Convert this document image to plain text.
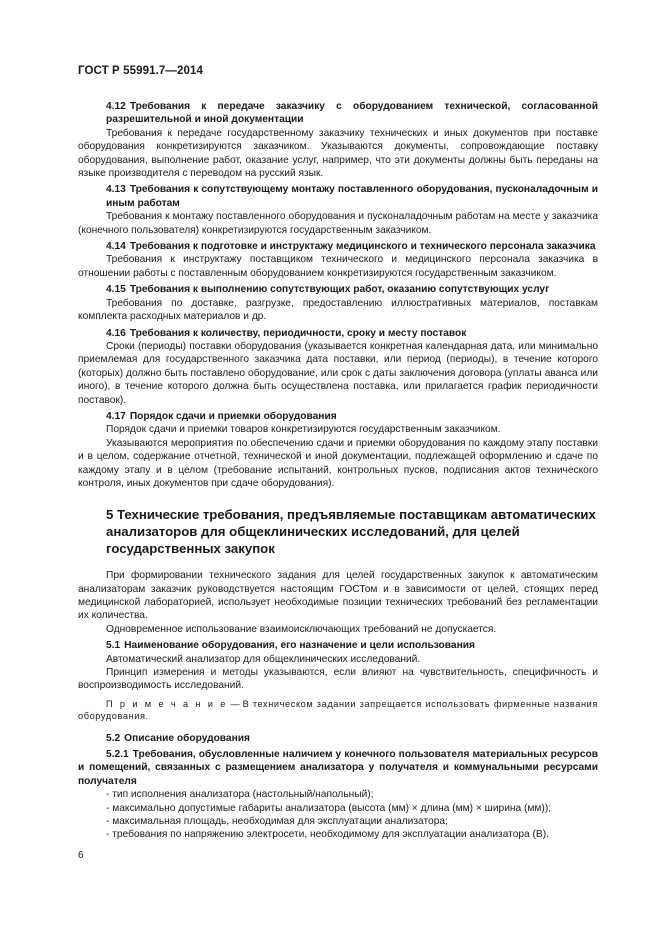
ГОСТ Р 55991.7—2014

4.12 Требования к передаче заказчику с оборудованием технической, согласованной разрешительной и иной документации

Требования к передаче государственному заказчику технических и иных документов при поставке оборудования конкретизируются заказчиком. Указываются документы, сопровождающие поставку оборудования, выполнение работ, оказание услуг, например, что эти документы должны быть переданы на языке производителя с переводом на русский язык.

4.13 Требования к сопутствующему монтажу поставленного оборудования, пусконаладочным и иным работам

Требования к монтажу поставленного оборудования и пусконаладочным работам на месте у заказчика (конечного пользователя) конкретизируются государственным заказчиком.

4.14 Требования к подготовке и инструктажу медицинского и технического персонала заказчика

Требования к инструктажу поставщиком технического и медицинского персонала заказчика в отношении работы с поставленным оборудованием конкретизируются государственным заказчиком.

4.15 Требования к выполнению сопутствующих работ, оказанию сопутствующих услуг

Требования по доставке, разгрузке, предоставлению иллюстративных материалов, поставкам комплекта расходных материалов и др.

4.16 Требования к количеству, периодичности, сроку и месту поставок

Сроки (периоды) поставки оборудования (указывается конкретная календарная дата, или минимально приемлемая для государственного заказчика дата поставки, или период (периоды), в течение которого (которых) должно быть поставлено оборудование, или срок с даты заключения договора (уплаты аванса или иного), в течение которого должна быть осуществлена поставка, или прилагается график периодичности поставок).

4.17 Порядок сдачи и приемки оборудования

Порядок сдачи и приемки товаров конкретизируются государственным заказчиком.

Указываются мероприятия по обеспечению сдачи и приемки оборудования по каждому этапу поставки и в целом, содержание отчетной, технической и иной документации, подлежащей оформлению и сдаче по каждому этапу и в целом (требование испытаний, контрольных пусков, подписания актов технического контроля, иных документов при сдаче оборудования).

5 Технические требования, предъявляемые поставщикам автоматических анализаторов для общеклинических исследований, для целей государственных закупок

При формировании технического задания для целей государственных закупок к автоматическим анализаторам заказчик руководствуется настоящим ГОСТом и в зависимости от целей, стоящих перед медицинской лабораторией, использует необходимые позиции технических требований без регламентации их количества.

Одновременное использование взаимоисключающих требований не допускается.

5.1 Наименование оборудования, его назначение и цели использования

Автоматический анализатор для общеклинических исследований.

Принцип измерения и методы указываются, если влияют на чувствительность, специфичность и воспроизводимость исследований.

П р и м е ч а н и е — В техническом задании запрещается использовать фирменные названия оборудования.

5.2 Описание оборудования

5.2.1 Требования, обусловленные наличием у конечного пользователя материальных ресурсов и помещений, связанных с размещением анализатора у получателя и коммунальными ресурсами получателя

- тип исполнения анализатора (настольный/напольный);

- максимально допустимые габариты анализатора (высота (мм) × длина (мм) × ширина (мм));

- максимальная площадь, необходимая для эксплуатации анализатора;

- требования по напряжению электросети, необходимому для эксплуатации анализатора (В).

6
